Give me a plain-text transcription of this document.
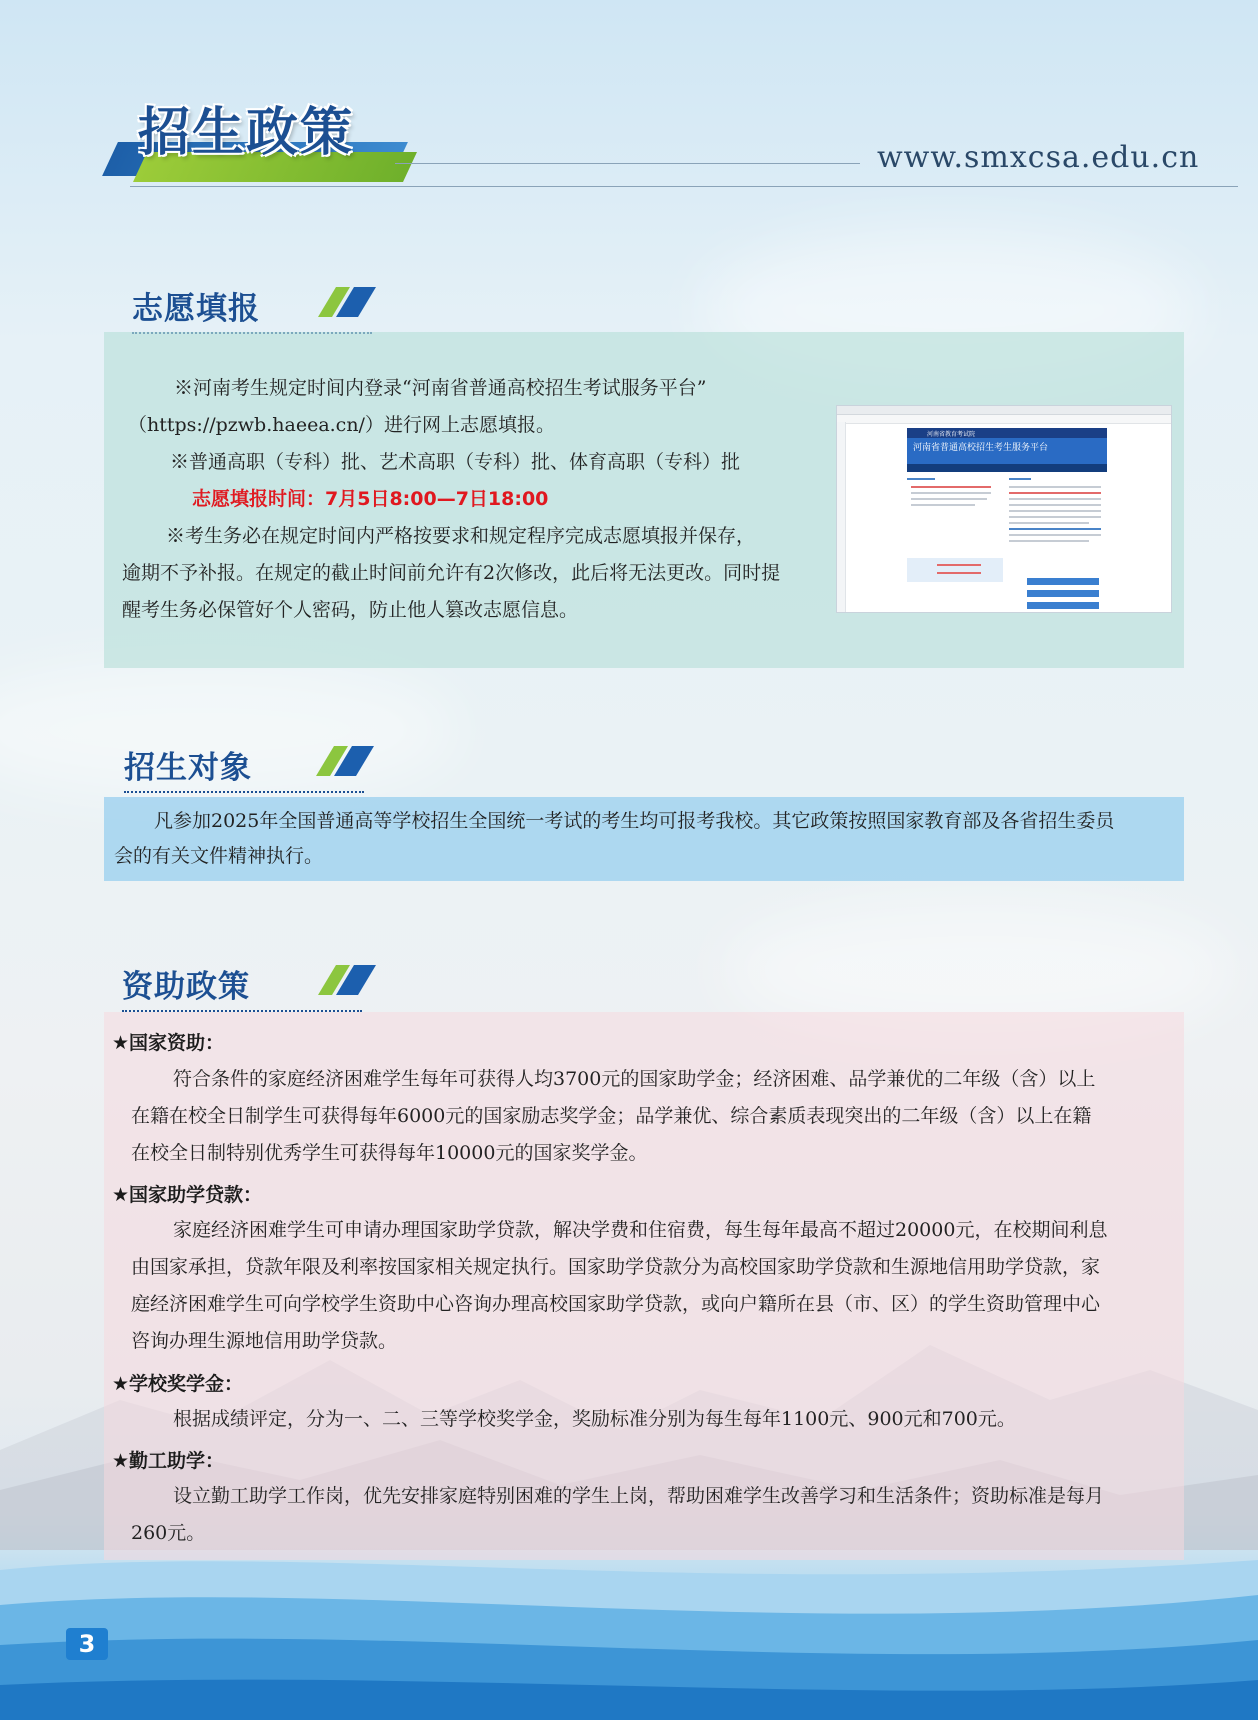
招生政策	www.smxcsa.edu.cn
志愿填报
※河南考生规定时间内登录“河南省普通高校招生考试服务平台”
（https://pzwb.haeea.cn/）进行网上志愿填报。
※普通高职（专科）批、艺术高职（专科）批、体育高职（专科）批
志愿填报时间：7月5日8:00—7日18:00
※考生务必在规定时间内严格按要求和规定程序完成志愿填报并保存，
逾期不予补报。在规定的截止时间前允许有2次修改，此后将无法更改。同时提
醒考生务必保管好个人密码，防止他人篡改志愿信息。
河南省教育考试院
河南省普通高校招生考生服务平台
招生对象
凡参加2025年全国普通高等学校招生全国统一考试的考生均可报考我校。其它政策按照国家教育部及各省招生委员
会的有关文件精神执行。
资助政策
★国家资助：
符合条件的家庭经济困难学生每年可获得人均3700元的国家助学金；经济困难、品学兼优的二年级（含）以上
在籍在校全日制学生可获得每年6000元的国家励志奖学金；品学兼优、综合素质表现突出的二年级（含）以上在籍
在校全日制特别优秀学生可获得每年10000元的国家奖学金。
★国家助学贷款：
家庭经济困难学生可申请办理国家助学贷款，解决学费和住宿费，每生每年最高不超过20000元，在校期间利息
由国家承担，贷款年限及利率按国家相关规定执行。国家助学贷款分为高校国家助学贷款和生源地信用助学贷款，家
庭经济困难学生可向学校学生资助中心咨询办理高校国家助学贷款，或向户籍所在县（市、区）的学生资助管理中心
咨询办理生源地信用助学贷款。
★学校奖学金：
根据成绩评定，分为一、二、三等学校奖学金，奖励标准分别为每生每年1100元、900元和700元。
★勤工助学：
设立勤工助学工作岗，优先安排家庭特别困难的学生上岗，帮助困难学生改善学习和生活条件；资助标准是每月
260元。
3
